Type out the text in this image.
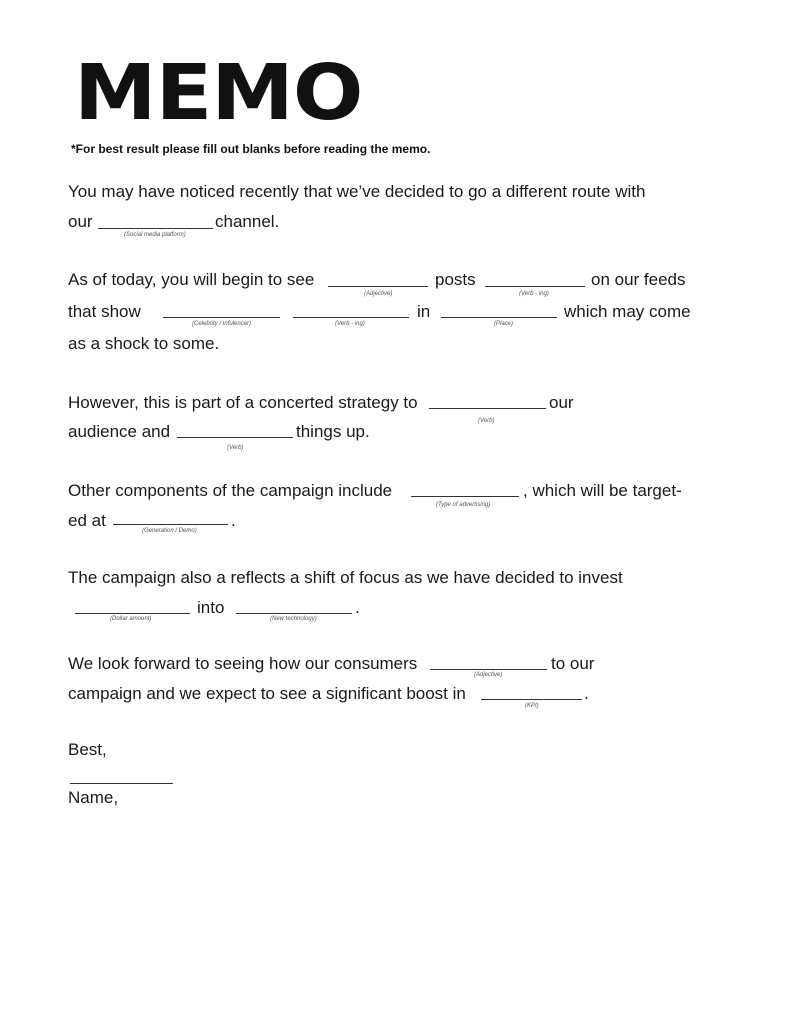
MEMO
*For best result please fill out blanks before reading the memo.
You may have noticed recently that we’ve decided to go a different route with
our	channel.
(Social media platform)
As of today, you will begin to see
(Adjective)
posts
(Verb - ing)
on our feeds
that show
(Celebrity / Infulencer)	(Verb - ing)
in
(Place)
which may come
as a shock to some.
However, this is part of a concerted strategy to	our
(Verb)
audience and	things up.
(Verb)
Other components of the campaign include
(Type of advertising)
, which will be target-
ed at	.
(Generation / Demo)
The campaign also a reflects a shift of focus as we have decided to invest
(Dollar amount)
into
(New technology)
.
We look forward to seeing how our consumers
(Adjective)
to our
campaign and we expect to see a significant boost in	.
(KPI)
Best,
Name,
